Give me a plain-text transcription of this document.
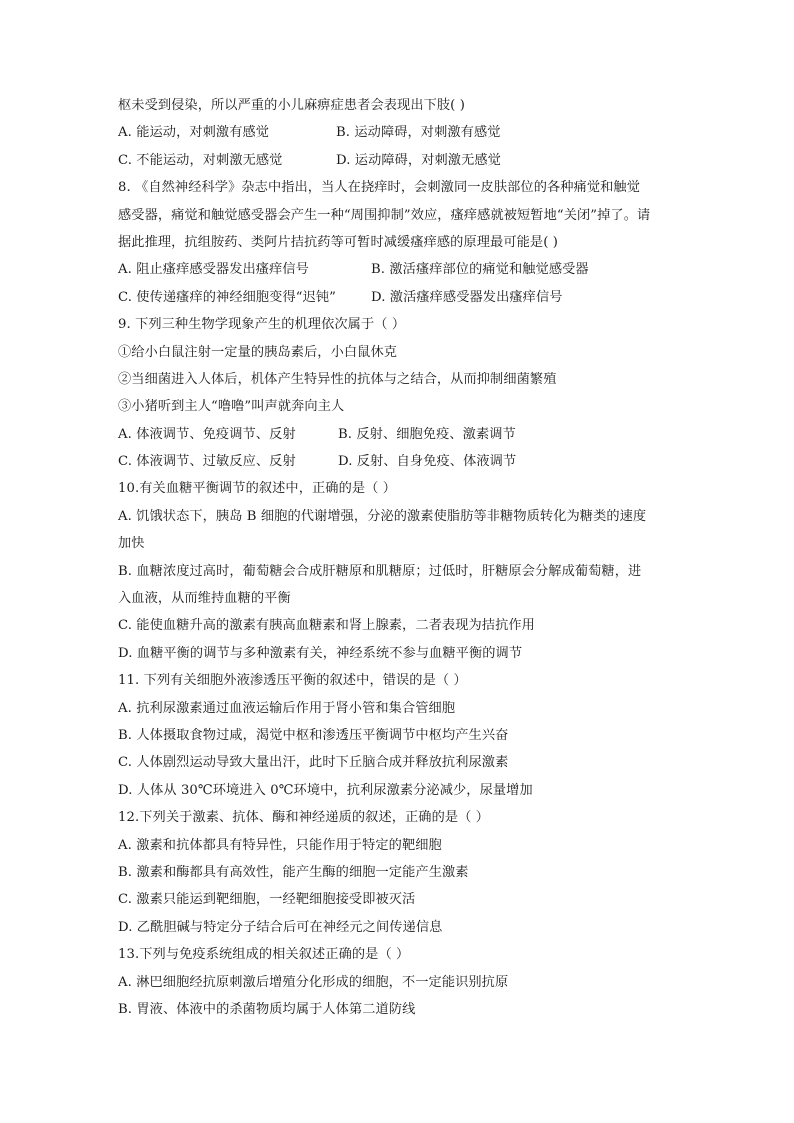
枢未受到侵染，所以严重的小儿麻痹症患者会表现出下肢( )
A. 能运动，对刺激有感觉	B. 运动障碍，对刺激有感觉
C. 不能运动，对刺激无感觉	D. 运动障碍，对刺激无感觉
8. 《自然神经科学》杂志中指出，当人在挠痒时，会刺激同一皮肤部位的各种痛觉和触觉
感受器，痛觉和触觉感受器会产生一种“周围抑制”效应，瘙痒感就被短暂地“关闭”掉了。请
据此推理，抗组胺药、类阿片拮抗药等可暂时减缓瘙痒感的原理最可能是( )
A. 阻止瘙痒感受器发出瘙痒信号	B. 激活瘙痒部位的痛觉和触觉感受器
C. 使传递瘙痒的神经细胞变得“迟钝”	D. 激活瘙痒感受器发出瘙痒信号
9. 下列三种生物学现象产生的机理依次属于（ ）
①给小白鼠注射一定量的胰岛素后，小白鼠休克
②当细菌进入人体后，机体产生特异性的抗体与之结合，从而抑制细菌繁殖
③小猪听到主人“噜噜”叫声就奔向主人
A. 体液调节、免疫调节、反射	B. 反射、细胞免疫、激素调节
C. 体液调节、过敏反应、反射	D. 反射、自身免疫、体液调节
10.有关血糖平衡调节的叙述中，正确的是（ ）
A. 饥饿状态下，胰岛 B 细胞的代谢增强，分泌的激素使脂肪等非糖物质转化为糖类的速度
加快
B. 血糖浓度过高时，葡萄糖会合成肝糖原和肌糖原；过低时，肝糖原会分解成葡萄糖，进
入血液，从而维持血糖的平衡
C. 能使血糖升高的激素有胰高血糖素和肾上腺素，二者表现为拮抗作用
D. 血糖平衡的调节与多种激素有关，神经系统不参与血糖平衡的调节
11. 下列有关细胞外液渗透压平衡的叙述中，错误的是（ ）
A. 抗利尿激素通过血液运输后作用于肾小管和集合管细胞
B. 人体摄取食物过咸，渴觉中枢和渗透压平衡调节中枢均产生兴奋
C. 人体剧烈运动导致大量出汗，此时下丘脑合成并释放抗利尿激素
D. 人体从 30℃环境进入 0℃环境中，抗利尿激素分泌减少，尿量增加
12.下列关于激素、抗体、酶和神经递质的叙述，正确的是（ ）
A. 激素和抗体都具有特异性，只能作用于特定的靶细胞
B. 激素和酶都具有高效性，能产生酶的细胞一定能产生激素
C. 激素只能运到靶细胞，一经靶细胞接受即被灭活
D. 乙酰胆碱与特定分子结合后可在神经元之间传递信息
13.下列与免疫系统组成的相关叙述正确的是（ ）
A. 淋巴细胞经抗原刺激后增殖分化形成的细胞，不一定能识别抗原
B. 胃液、体液中的杀菌物质均属于人体第二道防线
